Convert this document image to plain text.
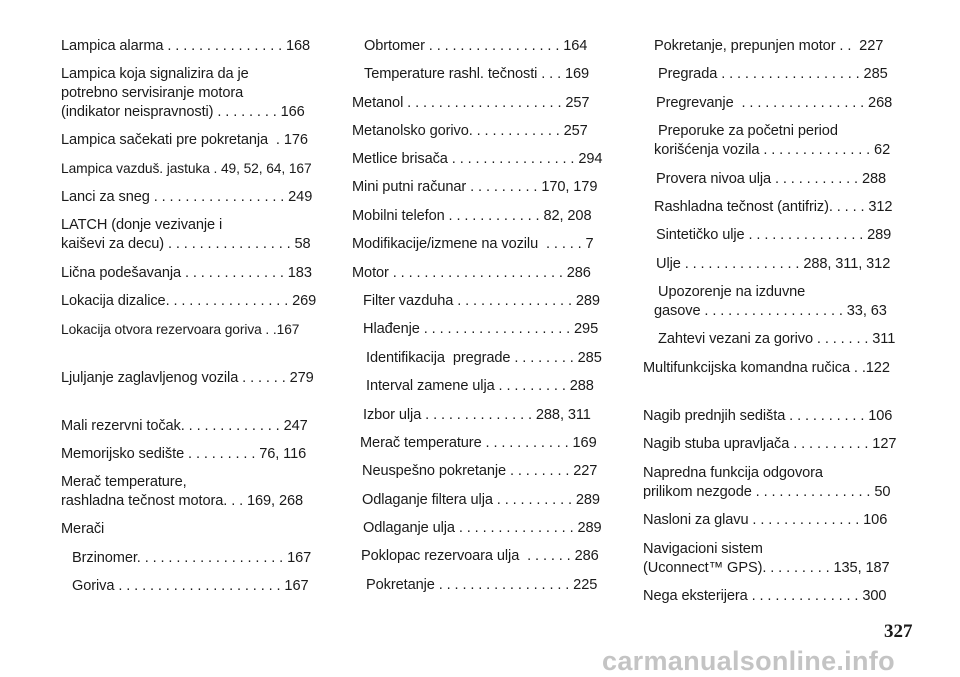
Lampica alarma . . . . . . . . . . . . . . . 168
Lampica koja signalizira da je
potrebno servisiranje motora
(indikator neispravnosti) . . . . . . . . 166
Lampica sačekati pre pokretanja  . 176
Lampica vazduš. jastuka . 49, 52, 64, 167
Lanci za sneg . . . . . . . . . . . . . . . . . 249
LATCH (donje vezivanje i
kaiševi za decu) . . . . . . . . . . . . . . . . 58
Lična podešavanja . . . . . . . . . . . . . 183
Lokacija dizalice. . . . . . . . . . . . . . . . 269
Lokacija otvora rezervoara goriva . .167
Ljuljanje zaglavljenog vozila . . . . . . 279
Mali rezervni točak. . . . . . . . . . . . . 247
Memorijsko sedište . . . . . . . . . 76, 116
Merač temperature,
rashladna tečnost motora. . . 169, 268
Merači
Brzinomer. . . . . . . . . . . . . . . . . . . 167
Goriva . . . . . . . . . . . . . . . . . . . . . 167
Obrtomer . . . . . . . . . . . . . . . . . 164
Temperature rashl. tečnosti . . . 169
Metanol . . . . . . . . . . . . . . . . . . . . 257
Metanolsko gorivo. . . . . . . . . . . . 257
Metlice brisača . . . . . . . . . . . . . . . . 294
Mini putni računar . . . . . . . . . 170, 179
Mobilni telefon . . . . . . . . . . . . 82, 208
Modifikacije/izmene na vozilu  . . . . . 7
Motor . . . . . . . . . . . . . . . . . . . . . . 286
Filter vazduha . . . . . . . . . . . . . . . 289
Hlađenje . . . . . . . . . . . . . . . . . . . 295
Identifikacija  pregrade . . . . . . . . 285
Interval zamene ulja . . . . . . . . . 288
Izbor ulja . . . . . . . . . . . . . . 288, 311
Merač temperature . . . . . . . . . . . 169
Neuspešno pokretanje . . . . . . . . 227
Odlaganje filtera ulja . . . . . . . . . . 289
Odlaganje ulja . . . . . . . . . . . . . . . 289
Poklopac rezervoara ulja  . . . . . . 286
Pokretanje . . . . . . . . . . . . . . . . . 225
Pokretanje, prepunjen motor . .  227
Pregrada . . . . . . . . . . . . . . . . . . 285
Pregrevanje  . . . . . . . . . . . . . . . . 268
Preporuke za početni period
korišćenja vozila . . . . . . . . . . . . . . 62
Provera nivoa ulja . . . . . . . . . . . 288
Rashladna tečnost (antifriz). . . . . 312
Sintetičko ulje . . . . . . . . . . . . . . . 289
Ulje . . . . . . . . . . . . . . . 288, 311, 312
Upozorenje na izduvne
gasove . . . . . . . . . . . . . . . . . . 33, 63
Zahtevi vezani za gorivo . . . . . . . 311
Multifunkcijska komandna ručica . .122
Nagib prednjih sedišta . . . . . . . . . . 106
Nagib stuba upravljača . . . . . . . . . . 127
Napredna funkcija odgovora
prilikom nezgode . . . . . . . . . . . . . . . 50
Nasloni za glavu . . . . . . . . . . . . . . 106
Navigacioni sistem
(Uconnect™ GPS). . . . . . . . . 135, 187
Nega eksterijera . . . . . . . . . . . . . . 300
327
carmanualsonline.info
